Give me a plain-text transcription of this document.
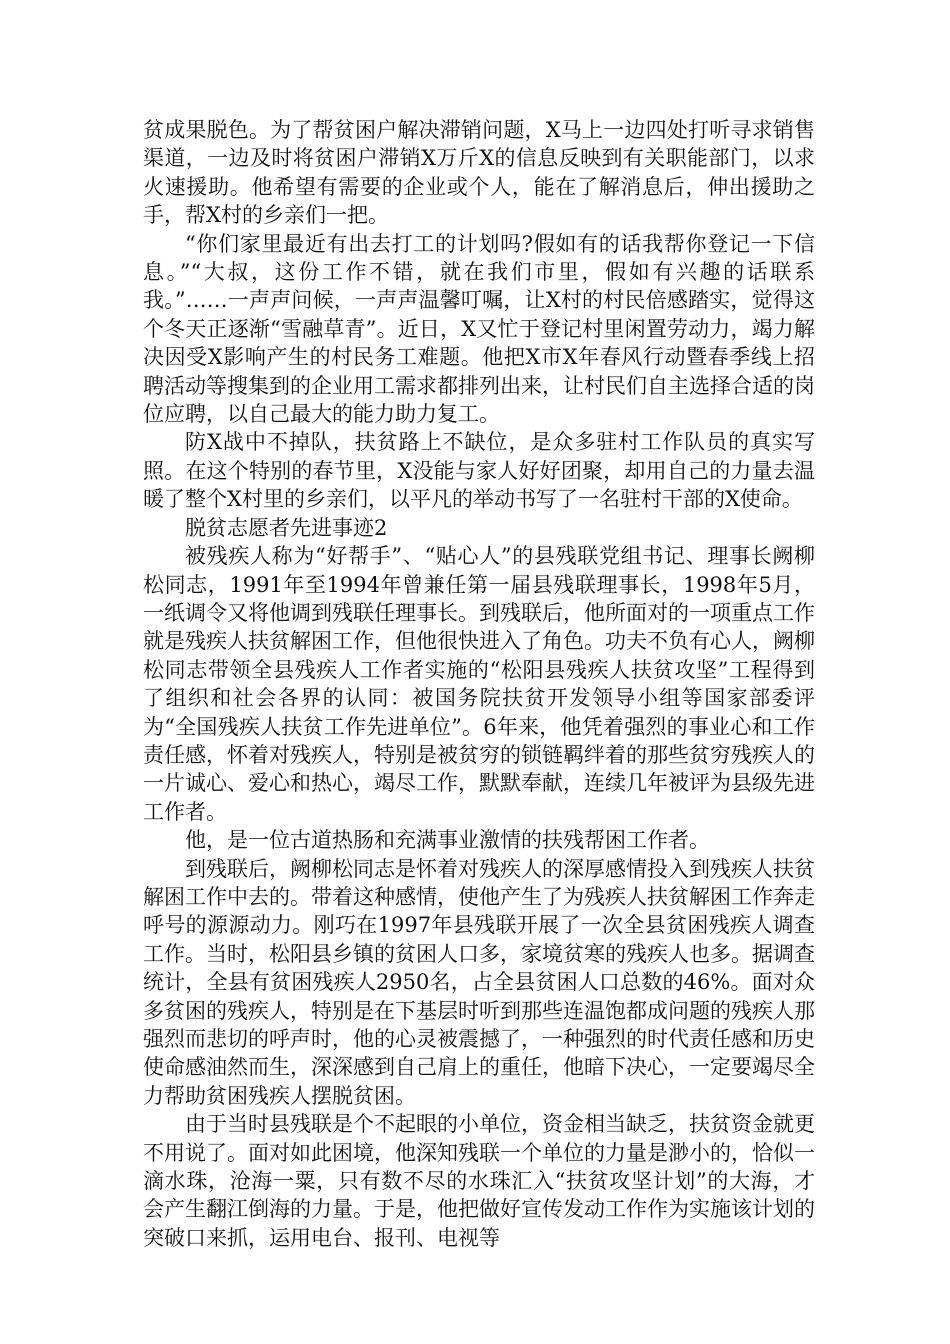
贫成果脱色。为了帮贫困户解决滞销问题，X马上一边四处打听寻求销售渠道，一边及时将贫困户滞销X万斤X的信息反映到有关职能部门，以求火速援助。他希望有需要的企业或个人，能在了解消息后，伸出援助之手，帮X村的乡亲们一把。

“你们家里最近有出去打工的计划吗?假如有的话我帮你登记一下信息。”“大叔，这份工作不错，就在我们市里，假如有兴趣的话联系我。”……一声声问候，一声声温馨叮嘱，让X村的村民倍感踏实，觉得这个冬天正逐渐“雪融草青”。近日，X又忙于登记村里闲置劳动力，竭力解决因受X影响产生的村民务工难题。他把X市X年春风行动暨春季线上招聘活动等搜集到的企业用工需求都排列出来，让村民们自主选择合适的岗位应聘，以自己最大的能力助力复工。

防X战中不掉队，扶贫路上不缺位，是众多驻村工作队员的真实写照。在这个特别的春节里，X没能与家人好好团聚，却用自己的力量去温暖了整个X村里的乡亲们，以平凡的举动书写了一名驻村干部的X使命。

脱贫志愿者先进事迹2

被残疾人称为“好帮手”、“贴心人”的县残联党组书记、理事长阙柳松同志，1991年至1994年曾兼任第一届县残联理事长，1998年5月，一纸调令又将他调到残联任理事长。到残联后，他所面对的一项重点工作就是残疾人扶贫解困工作，但他很快进入了角色。功夫不负有心人，阙柳松同志带领全县残疾人工作者实施的“松阳县残疾人扶贫攻坚”工程得到了组织和社会各界的认同：被国务院扶贫开发领导小组等国家部委评为“全国残疾人扶贫工作先进单位”。6年来，他凭着强烈的事业心和工作责任感，怀着对残疾人，特别是被贫穷的锁链羁绊着的那些贫穷残疾人的一片诚心、爱心和热心，竭尽工作，默默奉献，连续几年被评为县级先进工作者。

他，是一位古道热肠和充满事业激情的扶残帮困工作者。

到残联后，阙柳松同志是怀着对残疾人的深厚感情投入到残疾人扶贫解困工作中去的。带着这种感情，使他产生了为残疾人扶贫解困工作奔走呼号的源源动力。刚巧在1997年县残联开展了一次全县贫困残疾人调查工作。当时，松阳县乡镇的贫困人口多，家境贫寒的残疾人也多。据调查统计，全县有贫困残疾人2950名，占全县贫困人口总数的46%。面对众多贫困的残疾人，特别是在下基层时听到那些连温饱都成问题的残疾人那强烈而悲切的呼声时，他的心灵被震撼了，一种强烈的时代责任感和历史使命感油然而生，深深感到自己肩上的重任，他暗下决心，一定要竭尽全力帮助贫困残疾人摆脱贫困。

由于当时县残联是个不起眼的小单位，资金相当缺乏，扶贫资金就更不用说了。面对如此困境，他深知残联一个单位的力量是渺小的，恰似一滴水珠，沧海一粟，只有数不尽的水珠汇入“扶贫攻坚计划”的大海，才会产生翻江倒海的力量。于是，他把做好宣传发动工作作为实施该计划的突破口来抓，运用电台、报刊、电视等
